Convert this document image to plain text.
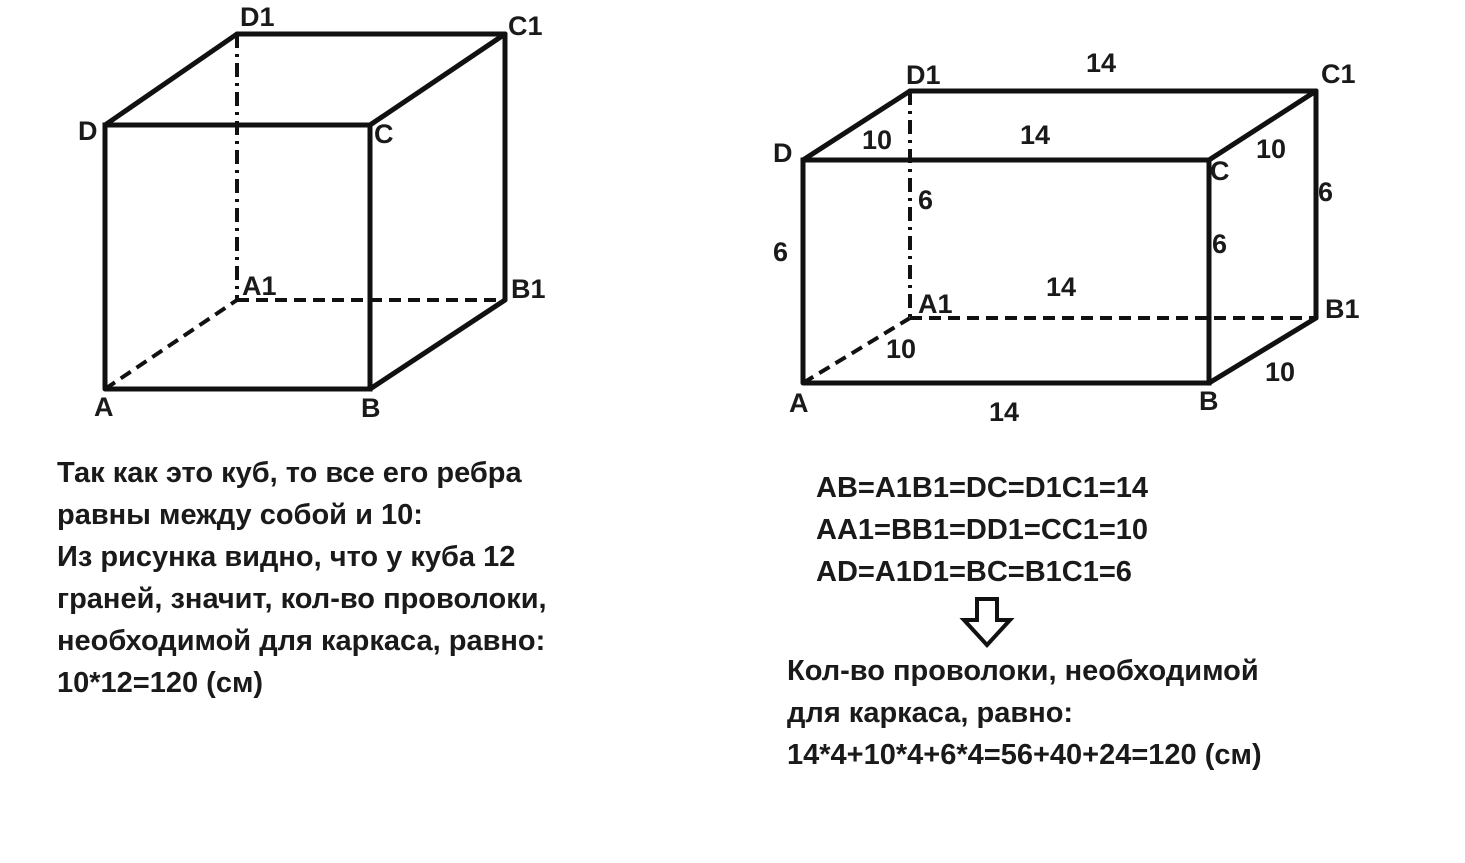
D1	C1
D	C
A1	B1
A	B
D1	C1
D
C
A1	B1
A	B
14
10	14	10
6
6
6
6
14
10
10
14
Так как это куб, то все его ребра
равны между собой и 10:
Из рисунка видно, что у куба 12
граней, значит, кол-во проволоки,
необходимой для каркаса, равно:
10*12=120 (см)
AB=A1B1=DC=D1C1=14
AA1=BB1=DD1=CC1=10
AD=A1D1=BC=B1C1=6
Кол-во проволоки, необходимой
для каркаса, равно:
14*4+10*4+6*4=56+40+24=120 (см)
